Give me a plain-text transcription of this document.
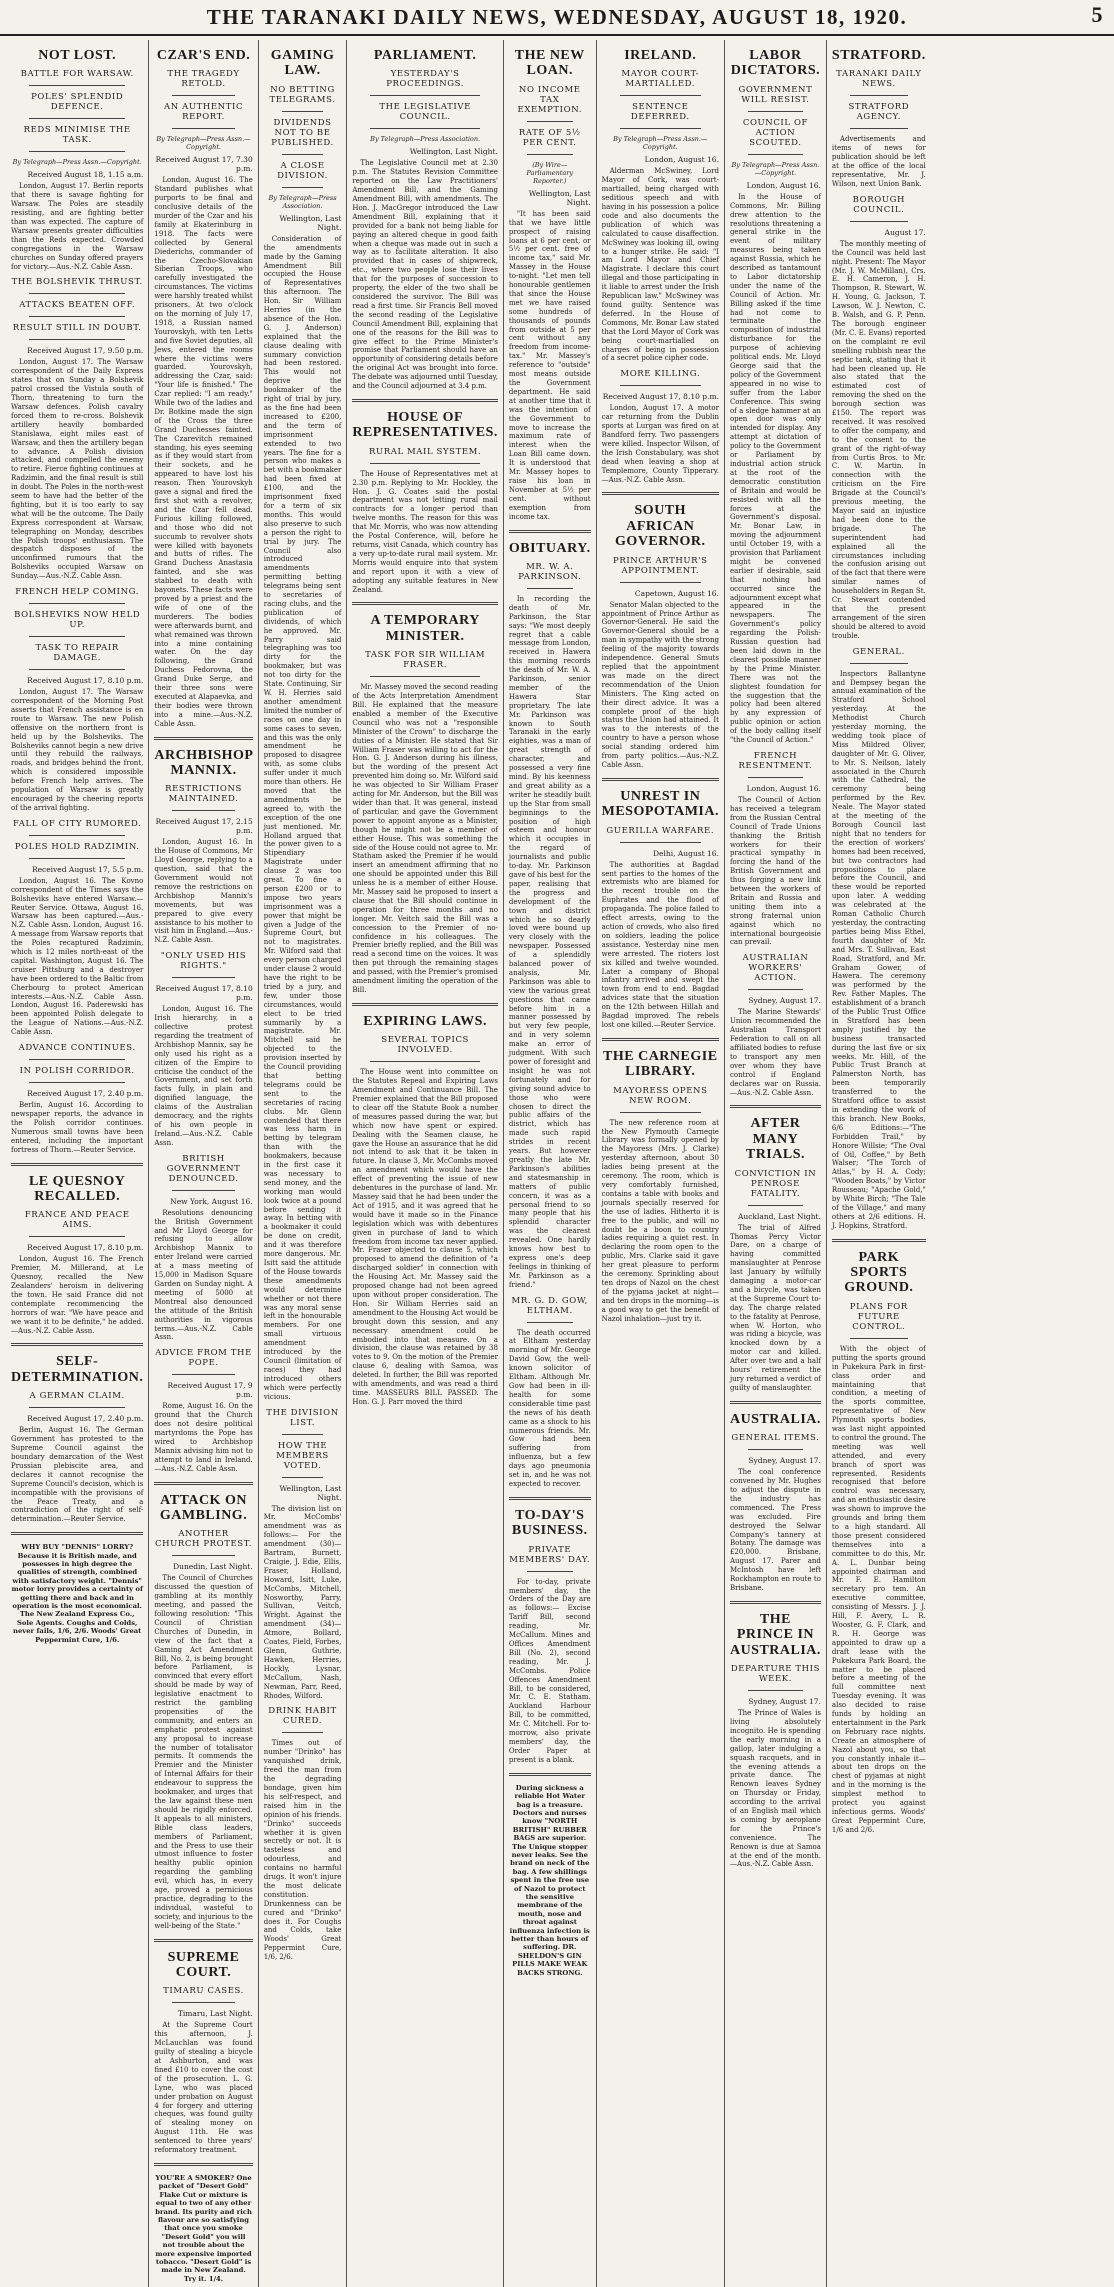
THE TARANAKI DAILY NEWS, WEDNESDAY, AUGUST 18, 1920.	5
NOT LOST.
BATTLE FOR WARSAW.
POLES' SPLENDID DEFENCE.
REDS MINIMISE THE TASK.
By Telegraph—Press Assn.—Copyright.
Received August 18, 1.15 a.m.

London, August 17. Berlin reports that there is savage fighting for Warsaw. The Poles are steadily resisting, and are fighting better than was expected. The capture of Warsaw presents greater difficulties than the Reds expected. Crowded congregations in the Warsaw churches on Sunday offered prayers for victory.—Aus.-N.Z. Cable Assn.

THE BOLSHEVIK THRUST.
ATTACKS BEATEN OFF.
RESULT STILL IN DOUBT.
Received August 17, 9.50 p.m.

London, August 17. The Warsaw correspondent of the Daily Express states that on Sunday a Bolshevik patrol crossed the Vistula south of Thorn, threatening to turn the Warsaw defences. Polish cavalry forced them to re-cross. Bolshevik artillery heavily bombarded Stanislawa, eight miles east of Warsaw, and then the artillery began to advance. A Polish division attacked, and compelled the enemy to retire. Fierce fighting continues at Radzimin, and the final result is still in doubt. The Poles in the north-west seem to have had the better of the fighting, but it is too early to say what will be the outcome. The Daily Express correspondent at Warsaw, telegraphing on Monday, describes the Polish troops' enthusiasm. The despatch disposes of the unconfirmed rumours that the Bolsheviks occupied Warsaw on Sunday.—Aus.-N.Z. Cable Assn.

FRENCH HELP COMING.
BOLSHEVIKS NOW HELD UP.
TASK TO REPAIR DAMAGE.
Received August 17, 8.10 p.m.

London, August 17. The Warsaw correspondent of the Morning Post asserts that French assistance is en route to Warsaw. The new Polish offensive on the northern front is held up by the Bolsheviks. The Bolsheviks cannot begin a new drive until they rebuild the railways, roads, and bridges behind the front, which is considered impossible before French help arrives. The population of Warsaw is greatly encouraged by the cheering reports of the arrival fighting.

FALL OF CITY RUMORED.
POLES HOLD RADZIMIN.
Received August 17, 5.5 p.m.

London, August 16. The Kovno correspondent of the Times says the Bolsheviks have entered Warsaw.—Reuter Service. Ottawa, August 16. Warsaw has been captured.—Aus.-N.Z. Cable Assn. London, August 16. A message from Warsaw reports that the Poles recaptured Radzimin, which is 12 miles north-east of the capital. Washington, August 16. The cruiser Pittsburg and a destroyer have been ordered to the Baltic from Cherbourg to protect American interests.—Aus.-N.Z. Cable Assn. London, August 16. Paderewski has been appointed Polish delegate to the League of Nations.—Aus.-N.Z. Cable Assn.

ADVANCE CONTINUES.
IN POLISH CORRIDOR.
Received August 17, 2.40 p.m.

Berlin, August 16. According to newspaper reports, the advance in the Polish corridor continues. Numerous small towns have been entered, including the important fortress of Thorn.—Reuter Service.

LE QUESNOY RECALLED.
FRANCE AND PEACE AIMS.
Received August 17, 8.10 p.m.

London, August 16. The French Premier, M. Millerand, at Le Quesnoy, recalled the New Zealanders' heroism in delivering the town. He said France did not contemplate recommencing the horrors of war. "We have peace and we want it to be definite," he added.—Aus.-N.Z. Cable Assn.

SELF-DETERMINATION.
A GERMAN CLAIM.
Received August 17, 2.40 p.m.

Berlin, August 16. The German Government has protested to the Supreme Council against the boundary demarcation of the West Prussian plebiscite area, and declares it cannot recognise the Supreme Council's decision, which is incompatible with the provisions of the Peace Treaty, and a contradiction of the right of self-determination.—Reuter Service.

WHY BUY "DENNIS" LORRY? Because it is British made, and possesses in high degree the qualities of strength, combined with satisfactory weight. "Dennis" motor lorry provides a certainty of getting there and back and in operation is the most economical. The New Zealand Express Co., Sole Agents. Coughs and Colds, never fails, 1/6, 2/6. Woods' Great Peppermint Cure, 1/6.

CZAR'S END.
THE TRAGEDY RETOLD.
AN AUTHENTIC REPORT.
By Telegraph—Press Assn.—Copyright.
Received August 17, 7.30 p.m.

London, August 16. The Standard publishes what purports to be final and conclusive details of the murder of the Czar and his family at Ekaterinburg in 1918. The facts were collected by General Diederichs, commander of the Czecho-Slovakian Siberian Troops, who carefully investigated the circumstances. The victims were harshly treated whilst prisoners. At two o'clock on the morning of July 17, 1918, a Russian named Yourovskyh, with ten Letts and five Soviet deputies, all Jews, entered the rooms where the victims were guarded. Yourovskyh, addressing the Czar, said: "Your life is finished." The Czar replied: "I am ready." While two of the ladies and Dr. Botkine made the sign of the Cross the three Grand Duchesses fainted. The Czarevitch remained standing, his eyes seeming as if they would start from their sockets, and he appeared to have lost his reason. Then Yourovskyh gave a signal and fired the first shot with a revolver, and the Czar fell dead. Furious killing followed, and those who did not succumb to revolver shots were killed with bayonets and butts of rifles. The Grand Duchess Anastasia fainted, and she was stabbed to death with bayonets. These facts were proved by a priest and the wife of one of the murderers. The bodies were afterwards burnt, and what remained was thrown into a mine containing water. On the day following, the Grand Duchess Fedorovna, the Grand Duke Serge, and their three sons were executed at Alapaevka, and their bodies were thrown into a mine.—Aus.-N.Z. Cable Assn.

ARCHBISHOP MANNIX.
RESTRICTIONS MAINTAINED.
Received August 17, 2.15 p.m.

London, August 16. In the House of Commons, Mr Lloyd George, replying to a question, said that the Government would not remove the restrictions on Archbishop Mannix's movements, but was prepared to give every assistance to his mother to visit him in England.—Aus.-N.Z. Cable Assn.

"ONLY USED HIS RIGHTS."
Received August 17, 8.10 p.m.

London, August 16. The Irish hierarchy, in a collective protest regarding the treatment of Archbishop Mannix, say he only used his right as a citizen of the Empire to criticise the conduct of the Government, and set forth facts fully, in plain and dignified language, the claims of the Australian democracy, and the rights of his own people in Ireland.—Aus.-N.Z. Cable Assn.

BRITISH GOVERNMENT DENOUNCED.
New York, August 16.

Resolutions denouncing the British Government and Mr Lloyd George for refusing to allow Archbishop Mannix to enter Ireland were carried at a mass meeting of 15,000 in Madison Square Garden on Sunday night. A meeting of 5000 at Montreal also denounced the attitude of the British authorities in vigorous terms.—Aus.-N.Z. Cable Assn.

ADVICE FROM THE POPE.
Received August 17, 9 p.m.

Rome, August 16. On the ground that the Church does not desire political martyrdoms the Pope has wired to Archbishop Mannix advising him not to attempt to land in Ireland.—Aus.-N.Z. Cable Assn.

ATTACK ON GAMBLING.
ANOTHER CHURCH PROTEST.
Dunedin, Last Night.

The Council of Churches discussed the question of gambling at its monthly meeting, and passed the following resolution: "This Council of Christian Churches of Dunedin, in view of the fact that a Gaming Act Amendment Bill, No. 2, is being brought before Parliament, is convinced that every effort should be made by way of legislative enactment to restrict the gambling propensities of the community, and enters an emphatic protest against any proposal to increase the number of totalisator permits. It commends the Premier and the Minister of Internal Affairs for their endeavour to suppress the bookmaker, and urges that the law against these men should be rigidly enforced. It appeals to all ministers, Bible class leaders, members of Parliament, and the Press to use their utmost influence to foster healthy public opinion regarding the gambling evil, which has, in every age, proved a pernicious practice, degrading to the individual, wasteful to society, and injurious to the well-being of the State."

SUPREME COURT.
TIMARU CASES.
Timaru, Last Night.

At the Supreme Court this afternoon, J. McLauchlan was found guilty of stealing a bicycle at Ashburton, and was fined £10 to cover the cost of the prosecution. L. G. Lyne, who was placed under probation on August 4 for forgery and uttering cheques, was found guilty of stealing money on August 11th. He was sentenced to three years' reformatory treatment.

YOU'RE A SMOKER? One packet of "Desert Gold" Flake Cut or mixture is equal to two of any other brand. Its purity and rich flavour are so satisfying that once you smoke "Desert Gold" you will not trouble about the more expensive imported tobacco. "Desert Gold" is made in New Zealand. Try it. 1/4.

GAMING LAW.
NO BETTING TELEGRAMS.
DIVIDENDS NOT TO BE PUBLISHED.
A CLOSE DIVISION.
By Telegraph—Press Association.
Wellington, Last Night.

Consideration of the amendments made by the Gaming Amendment Bill occupied the House of Representatives this afternoon. The Hon. Sir William Herries (in the absence of the Hon. G. J. Anderson) explained that the clause dealing with summary conviction had been restored. This would not deprive the bookmaker of the right of trial by jury, as the fine had been increased to £200, and the term of imprisonment extended to two years. The fine for a person who makes a bet with a bookmaker had been fixed at £100, and the imprisonment fixed for a term of six months. This would also preserve to such a person the right to trial by jury. The Council also introduced amendments permitting betting telegrams being sent to secretaries of racing clubs, and the publication of dividends, of which he approved. Mr. Parry said telegraphing was too dirty for the bookmaker, but was not too dirty for the State. Continuing, Sir W. H. Herries said another amendment limited the number of races on one day in some cases to seven, and this was the only amendment he proposed to disagree with, as some clubs suffer under it much more than others. He moved that the amendments be agreed to, with the exception of the one just mentioned. Mr. Holland argued that the power given to a Stipendiary Magistrate under clause 2 was too great. To fine a person £200 or to impose two years imprisonment was a power that might be given a Judge of the Supreme Court, but not to magistrates. Mr. Wilford said that every person charged under clause 2 would have the right to be tried by a jury, and few, under those circumstances, would elect to be tried summarily by a magistrate. Mr. Mitchell said he objected to the provision inserted by the Council providing that betting telegrams could be sent to the secretaries of racing clubs. Mr. Glenn contended that there was less harm in betting by telegram than with the bookmakers, because in the first case it was necessary to send money, and the working man would look twice at a pound before sending it away. In betting with a bookmaker it could be done on credit, and it was therefore more dangerous. Mr. Isitt said the attitude of the House towards these amendments would determine whether or not there was any moral sense left in the honourable members. For one small virtuous amendment introduced by the Council (limitation of races) they had introduced others which were perfectly vicious.

THE DIVISION LIST.
HOW THE MEMBERS VOTED.
Wellington, Last Night.

The division list on Mr. McCombs' amendment was as follows:— For the amendment (30)—Bartram, Burnett, Craigie, J. Edie, Ellis, Fraser, Holland, Howard, Isitt, Luke, McCombs, Mitchell, Nosworthy, Parry, Sullivan, Veitch, Wright. Against the amendment (34)—Atmore, Bollard, Coates, Field, Forbes, Glenn, Guthrie, Hawken, Herries, Hockly, Lysnar, McCallum, Nash, Newman, Parr, Reed, Rhodes, Wilford.

DRINK HABIT CURED.

Times out of number "Drinko" has vanquished drink, freed the man from the degrading bondage, given him his self-respect, and raised him in the opinion of his friends. "Drinko" succeeds whether it is given secretly or not. It is tasteless and odourless, and contains no harmful drugs. It won't injure the most delicate constitution. Drunkenness can be cured and "Drinko" does it. For Coughs and Colds, take Woods' Great Peppermint Cure, 1/6, 2/6.

PARLIAMENT.
YESTERDAY'S PROCEEDINGS.
THE LEGISLATIVE COUNCIL.
By Telegraph—Press Association.
Wellington, Last Night.

The Legislative Council met at 2.30 p.m. The Statutes Revision Committee reported on the Law Practitioners' Amendment Bill, and the Gaming Amendment Bill, with amendments. The Hon. J. MacGregor introduced the Law Amendment Bill, explaining that it provided for a bank not being liable for paying an altered cheque in good faith when a cheque was made out in such a way as to facilitate alteration. It also provided that in cases of shipwreck, etc., where two people lose their lives that for the purposes of succession to property, the elder of the two shall be considered the survivor. The Bill was read a first time. Sir Francis Bell moved the second reading of the Legislative Council Amendment Bill, explaining that one of the reasons for the Bill was to give effect to the Prime Minister's promise that Parliament should have an opportunity of considering details before the original Act was brought into force. The debate was adjourned until Tuesday, and the Council adjourned at 3.4 p.m.

HOUSE OF REPRESENTATIVES.
RURAL MAIL SYSTEM.

The House of Representatives met at 2.30 p.m. Replying to Mr. Hockley, the Hon. J. G. Coates said the postal department was not letting rural mail contracts for a longer period than twelve months. The reason for this was that Mr. Morris, who was now attending the Postal Conference, will, before he returns, visit Canada, which country has a very up-to-date rural mail system. Mr. Morris would enquire into that system and report upon it with a view of adopting any suitable features in New Zealand.

A TEMPORARY MINISTER.
TASK FOR SIR WILLIAM FRASER.

Mr. Massey moved the second reading of the Acts Interpretation Amendment Bill. He explained that the measure enabled a member of the Executive Council who was not a "responsible Minister of the Crown" to discharge the duties of a Minister. He stated that Sir William Fraser was willing to act for the Hon. G. J. Anderson during his illness, but the wording of the present Act prevented him doing so. Mr. Wilford said he was objected to Sir William Fraser acting for Mr. Anderson, but the Bill was wider than that. It was general, instead of particular, and gave the Government power to appoint anyone as a Minister, though he might not be a member of either House. This was something the side of the House could not agree to. Mr. Statham asked the Premier if he would insert an amendment affirming that no one should be appointed under this Bill unless he is a member of either House. Mr. Massey said he proposed to insert a clause that the Bill should continue in operation for three months and no longer. Mr. Veitch said the Bill was a concession to the Premier of no-confidence in his colleagues. The Premier briefly replied, and the Bill was read a second time on the voices. It was then put through the remaining stages and passed, with the Premier's promised amendment limiting the operation of the Bill.

EXPIRING LAWS.
SEVERAL TOPICS INVOLVED.

The House went into committee on the Statutes Repeal and Expiring Laws Amendment and Continuance Bill. The Premier explained that the Bill proposed to clear off the Statute Book a number of measures passed during the war, but which now have spent or expired. Dealing with the Seamen clause, he gave the House an assurance that he did not intend to ask that it be taken in future. In clause 3, Mr. McCombs moved an amendment which would have the effect of preventing the issue of new debentures in the purchase of land. Mr. Massey said that he had been under the Act of 1915, and it was agreed that he would have it made so in the Finance legislation which was with debentures given in purchase of land to which freedom from income tax never applied. Mr. Fraser objected to clause 5, which proposed to amend the definition of "a discharged soldier" in connection with the Housing Act. Mr. Massey said the proposed change had not been agreed upon without proper consideration. The Hon. Sir William Herries said an amendment to the Housing Act would be brought down this session, and any necessary amendment could be embodied into that measure. On a division, the clause was retained by 38 votes to 9. On the motion of the Premier clause 6, dealing with Samoa, was deleted. In further, the Bill was reported with amendments, and was read a third time. MASSEURS BILL PASSED. The Hon. G. J. Parr moved the third

THE NEW LOAN.
NO INCOME TAX EXEMPTION.
RATE OF 5½ PER CENT.
(By Wire—Parliamentary Reporter.)
Wellington, Last Night.

"It has been said that we have little prospect of raising loans at 6 per cent, or 5½ per cent. free of income tax," said Mr. Massey in the House to-night. "Let men tell honourable gentlemen that since the House met we have raised some hundreds of thousands of pounds from outside at 5 per cent without any freedom from income-tax." Mr. Massey's reference to "outside" most means outside the Government department. He said at another time that it was the intention of the Government to move to increase the maximum rate of interest when the Loan Bill came down. It is understood that Mr. Massey hopes to raise his loan in November at 5½ per cent. without exemption from income tax.

OBITUARY.
MR. W. A. PARKINSON.

In recording the death of Mr. Parkinson, the Star says: "We most deeply regret that a cable message from London, received in Hawera this morning records the death of Mr. W. A. Parkinson, senior member of the Hawera Star proprietary. The late Mr. Parkinson was known to South Taranaki in the early eighties, was a man of great strength of character, and possessed a very fine mind. By his keenness and great ability as a writer he steadily built up the Star from small beginnings to the position of high esteem and honour which it occupies in the regard of journalists and public to-day. Mr. Parkinson gave of his best for the paper, realising that the progress and development of the town and district which he so dearly loved were bound up very closely with the newspaper. Possessed of a splendidly balanced power of analysis, Mr. Parkinson was able to view the various great questions that came before him in a manner possessed by but very few people, and in very solemn make an error of judgment. With such power of foresight and insight he was not fortunately and for giving sound advice to those who were chosen to direct the public affairs of the district, which has made such rapid strides in recent years. But however greatly the late Mr. Parkinson's abilities and statesmanship in matters of public concern, it was as a personal friend to so many people that his splendid character was the clearest revealed. One hardly knows how best to express one's deep feelings in thinking of Mr. Parkinson as a friend."

MR. G. D. GOW, ELTHAM.

The death occurred at Eltham yesterday morning of Mr. George David Gow, the well-known solicitor of Eltham. Although Mr. Gow had been in ill-health for some considerable time past the news of his death came as a shock to his numerous friends. Mr. Gow had been suffering from influenza, but a few days ago pneumonia set in, and he was not expected to recover.

TO-DAY'S BUSINESS.
PRIVATE MEMBERS' DAY.

For to-day, private members' day, the Orders of the Day are as follows:— Excise Tariff Bill, second reading, Mr. McCallum. Mines and Offices Amendment Bill (No. 2), second reading, Mr. J. McCombs. Police Offences Amendment Bill, to be considered, Mr. C. E. Statham. Auckland Harbour Bill, to be committed, Mr. C. Mitchell. For to-morrow, also private members' day, the Order Paper at present is a blank.

During sickness a reliable Hot Water bag is a treasure. Doctors and nurses know "NORTH BRITISH" RUBBER BAGS are superior. The Unique stopper never leaks. See the brand on neck of the bag. A few shillings spent in the free use of Nazol to protect the sensitive membrane of the mouth, nose and throat against influenza infection is better than hours of suffering. DR. SHELDON'S GIN PILLS MAKE WEAK BACKS STRONG.

IRELAND.
MAYOR COURT-MARTIALLED.
SENTENCE DEFERRED.
By Telegraph—Press Assn.—Copyright.
London, August 16.

Alderman McSwiney, Lord Mayor of Cork, was court-martialled, being charged with seditious speech and with having in his possession a police code and also documents the publication of which was calculated to cause disaffection. McSwiney was looking ill, owing to a hunger strike. He said: "I am Lord Mayor and Chief Magistrate. I declare this court illegal and those participating in it liable to arrest under the Irish Republican law." McSwiney was found guilty. Sentence was deferred. In the House of Commons, Mr. Bonar Law stated that the Lord Mayor of Cork was being court-martialled on charges of being in possession of a secret police cipher code.

MORE KILLING.
Received August 17, 8.10 p.m.

London, August 17. A motor car returning from the Dublin sports at Lurgan was fired on at Bandford ferry. Two passengers were killed. Inspector Wilson, of the Irish Constabulary, was shot dead when leaving a shop at Templemore, County Tipperary.—Aus.-N.Z. Cable Assn.

SOUTH AFRICAN GOVERNOR.
PRINCE ARTHUR'S APPOINTMENT.
Capetown, August 16.

Senator Malan objected to the appointment of Prince Arthur as Governor-General. He said the Governor-General should be a man in sympathy with the strong feeling of the majority towards independence. General Smuts replied that the appointment was made on the direct recommendation of the Union Ministers. The King acted on their direct advice. It was a complete proof of the high status the Union had attained. It was to the interests of the country to have a person whose social standing ordered him from party politics.—Aus.-N.Z. Cable Assn.

UNREST IN MESOPOTAMIA.
GUERILLA WARFARE.
Delhi, August 16.

The authorities at Bagdad sent parties to the homes of the extremists who are blamed for the recent trouble on the Euphrates and the flood of propaganda. The police failed to effect arrests, owing to the action of crowds, who also fired on soldiers, leading the police assistance. Yesterday nine men were arrested. The rioters lost six killed and twelve wounded. Later a company of Bhopal infantry arrived and swept the town from end to end. Bagdad advices state that the situation on the 12th between Hillah and Bagdad improved. The rebels lost one killed.—Reuter Service.

THE CARNEGIE LIBRARY.
MAYORESS OPENS NEW ROOM.

The new reference room at the New Plymouth Carnegie Library was formally opened by the Mayoress (Mrs. J. Clarke) yesterday afternoon, about 30 ladies being present at the ceremony. The room, which is very comfortably furnished, contains a table with books and journals specially reserved for the use of ladies. Hitherto it is free to the public, and will no doubt be a boon to country ladies requiring a quiet rest. In declaring the room open to the public, Mrs. Clarke said it gave her great pleasure to perform the ceremony. Sprinkling about ten drops of Nazol on the chest of the pyjama jacket at night—and ten drops in the morning—is a good way to get the benefit of Nazol inhalation—just try it.

LABOR DICTATORS.
GOVERNMENT WILL RESIST.
COUNCIL OF ACTION SCOUTED.
By Telegraph—Press Assn.—Copyright.
London, August 16.

In the House of Commons, Mr. Billing drew attention to the resolutions threatening a general strike in the event of military measures being taken against Russia, which he described as tantamount to Labor dictatorship under the name of the Council of Action. Mr. Billing asked if the time had not come to terminate the composition of industrial disturbance for the purpose of achieving political ends. Mr. Lloyd George said that the policy of the Government appeared in no wise to suffer from the Labor Conference. This swing of a sledge hammer at an open door was only intended for display. Any attempt at dictation of policy to the Government or Parliament by industrial action struck at the root of the democratic constitution of Britain and would be resisted with all the forces at the Government's disposal. Mr. Bonar Law, in moving the adjournment until October 19, with a provision that Parliament might be convened earlier if desirable, said that nothing had occurred since the adjournment except what appeared in the newspapers. The Government's policy regarding the Polish-Russian question had been laid down in the clearest possible manner by the Prime Minister. There was not the slightest foundation for the suggestion that the policy had been altered by any expression of public opinion or action of the body calling itself "the Council of Action."

FRENCH RESENTMENT.
London, August 16.

The Council of Action has received a telegram from the Russian Central Council of Trade Unions thanking the British workers for their practical sympathy in forcing the hand of the British Government and thus forging a new link between the workers of Britain and Russia and uniting them into a strong fraternal union against which no international bourgeoisie can prevail.

AUSTRALIAN WORKERS' ACTION.
Sydney, August 17.

The Marine Stewards' Union recommended the Australian Transport Federation to call on all affiliated bodies to refuse to transport any men over whom they have control if England declares war on Russia.—Aus.-N.Z. Cable Assn.

AFTER MANY TRIALS.
CONVICTION IN PENROSE FATALITY.
Auckland, Last Night.

The trial of Alfred Thomas Percy Victor Dare, on a charge of having committed manslaughter at Penrose last January by wilfully damaging a motor-car and a bicycle, was taken at the Supreme Court to-day. The charge related to the fatality at Penrose, when W. Horton, who was riding a bicycle, was knocked down by a motor car and killed. After over two and a half hours' retirement the jury returned a verdict of guilty of manslaughter.

AUSTRALIA.
GENERAL ITEMS.
Sydney, August 17.

The coal conference convened by Mr. Hughes to adjust the dispute in the industry has commenced. The Press was excluded. Fire destroyed the Selwar Company's tannery at Botany. The damage was £20,000. Brisbane, August 17. Parer and McIntosh have left Rockhampton en route to Brisbane.

THE PRINCE IN AUSTRALIA.
DEPARTURE THIS WEEK.
Sydney, August 17.

The Prince of Wales is living absolutely incognito. He is spending the early morning in a gallop, later indulging a squash racquets, and in the evening attends a private dance. The Renown leaves Sydney on Thursday or Friday, according to the arrival of an English mail which is coming by aeroplane for the Prince's convenience. The Renown is due at Samoa at the end of the month.—Aus.-N.Z. Cable Assn.

STRATFORD.
TARANAKI DAILY NEWS.
STRATFORD AGENCY.

Advertisements and items of news for publication should be left at the office of the local representative, Mr. J. Wilson, next Union Bank.

BOROUGH COUNCIL.
August 17.

The monthly meeting of the Council was held last night. Present: The Mayor (Mr. J. W. McMillan), Crs. E. H. Cameron, J. H. Thompson, R. Stewart, W. H. Young, G. Jackson, T. Lawson, W. J. Newton, C. B. Walsh, and G. P. Penn. The borough engineer (Mr. C. E. Evans) reported on the complaint re evil smelling rubbish near the septic tank, stating that it had been cleaned up. He also stated that the estimated cost of removing the shed on the borough section was £150. The report was received. It was resolved to offer the company, and to the consent to the grant of the right-of-way from Curtis Bros. to Mr. C. W. Martin. In connection with the criticism on the Fire Brigade at the Council's previous meeting, the Mayor said an injustice had been done to the brigade. The superintendent had explained all the circumstances including the confusion arising out of the fact that there were similar names of householders in Regan St. Cr. Stewart contended that the present arrangement of the siren should be altered to avoid trouble.

GENERAL.

Inspectors Ballantyne and Dempsey began the annual examination of the Stratford School yesterday. At the Methodist Church yesterday morning, the wedding took place of Miss Mildred Oliver, daughter of Mr. G. Oliver, to Mr. S. Neilson, lately associated in the Church with the Cathedral, the ceremony being performed by the Rev. Neale. The Mayor stated at the meeting of the Borough Council last night that no tenders for the erection of workers' homes had been received, but two contractors had propositions to place before the Council, and these would be reported upon later. A wedding was celebrated at the Roman Catholic Church yesterday, the contracting parties being Miss Ethel, fourth daughter of Mr. and Mrs. T. Sullivan, East Road, Stratford, and Mr. Graham Gower, of Hawera. The ceremony was performed by the Rev. Father Maples. The establishment of a branch of the Public Trust Office in Stratford has been amply justified by the business transacted during the last five or six weeks. Mr. Hill, of the Public Trust Branch at Palmerston North, has been temporarily transferred to the Stratford office to assist in extending the work of this branch. New Books, 6/6 Editions:—"The Forbidden Trail," by Honore Willsie; "The Oval of Oil, Coffee," by Beth Walser; "The Torch of Atlas," by H. A. Cody; "Wooden Boats," by Victor Rousseau; "Apache Gold," by White Birch; "The Tale of the Village," and many others at 2/6 editions. H. J. Hopkins, Stratford.

PARK SPORTS GROUND.
PLANS FOR FUTURE CONTROL.

With the object of putting the sports ground in Pukekura Park in first-class order and maintaining that condition, a meeting of the sports committee, representative of New Plymouth sports bodies, was last night appointed to control the ground. The meeting was well attended, and every branch of sport was represented. Residents recognised that before control was necessary, and an enthusiastic desire was shown to improve the grounds and bring them to a high standard. All those present considered themselves into a committee to do this, Mr. A. L. Dunbar being appointed chairman and Mr. F. E. Hamilton secretary pro tem. An executive committee, consisting of Messrs. J. J. Hill, F. Avery, L. R. Wooster, G. F. Clark, and R. H. George was appointed to draw up a draft lease with the Pukekura Park Board, the matter to be placed before a meeting of the full committee next Tuesday evening. It was also decided to raise funds by holding an entertainment in the Park on February race nights. Create an atmosphere of Nazol about you, so that you constantly inhale it—about ten drops on the chest of pyjamas at night and in the morning is the simplest method to protect you against infectious germs. Woods' Great Peppermint Cure, 1/6 and 2/6.
